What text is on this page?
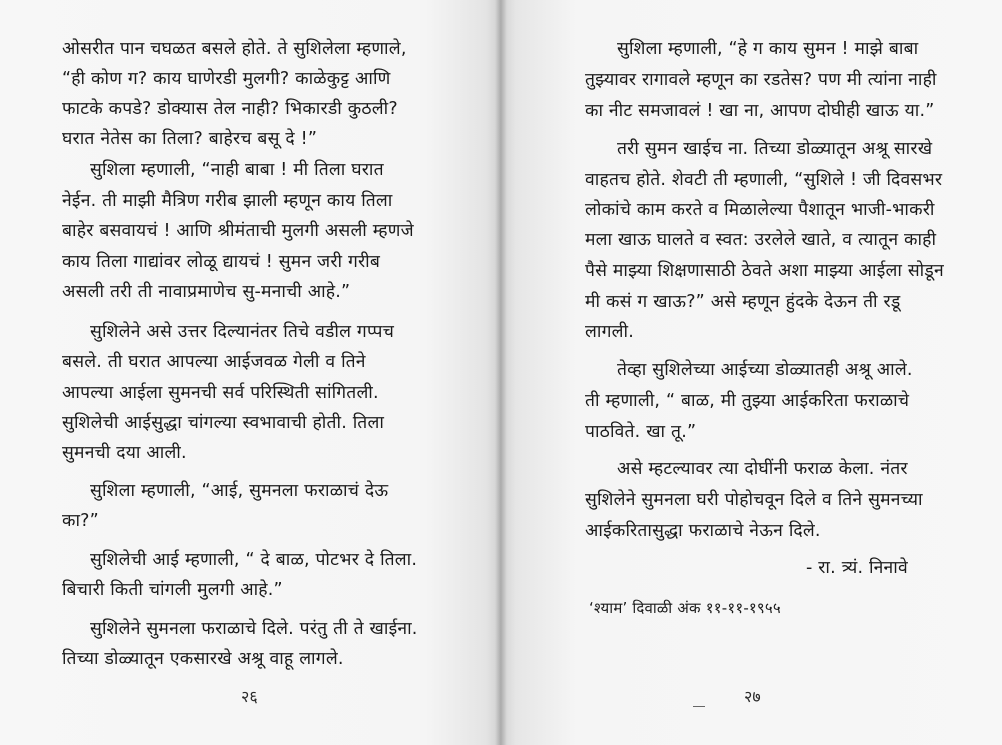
ओसरीत पान चघळत बसले होते. ते सुशिलेला म्हणाले,
“ही कोण ग? काय घाणेरडी मुलगी? काळेकुट्ट आणि
फाटके कपडे? डोक्यास तेल नाही? भिकारडी कुठली?
घरात नेतेस का तिला? बाहेरच बसू दे !”
सुशिला म्हणाली, “नाही बाबा ! मी तिला घरात
नेईन. ती माझी मैत्रिण गरीब झाली म्हणून काय तिला
बाहेर बसवायचं ! आणि श्रीमंताची मुलगी असली म्हणजे
काय तिला गाद्यांवर लोळू द्यायचं ! सुमन जरी गरीब
असली तरी ती नावाप्रमाणेच सु-मनाची आहे.”
सुशिलेने असे उत्तर दिल्यानंतर तिचे वडील गप्पच
बसले. ती घरात आपल्या आईजवळ गेली व तिने
आपल्या आईला सुमनची सर्व परिस्थिती सांगितली.
सुशिलेची आईसुद्धा चांगल्या स्वभावाची होती. तिला
सुमनची दया आली.
सुशिला म्हणाली, “आई, सुमनला फराळाचं देऊ
का?”
सुशिलेची आई म्हणाली, “ दे बाळ, पोटभर दे तिला.
बिचारी किती चांगली मुलगी आहे.”
सुशिलेने सुमनला फराळाचे दिले. परंतु ती ते खाईना.
तिच्या डोळ्यातून एकसारखे अश्रू वाहू लागले.
२६
सुशिला म्हणाली, “हे ग काय सुमन ! माझे बाबा
तुझ्यावर रागावले म्हणून का रडतेस? पण मी त्यांना नाही
का नीट समजावलं ! खा ना, आपण दोघीही खाऊ या.”
तरी सुमन खाईच ना. तिच्या डोळ्यातून अश्रू सारखे
वाहतच होते. शेवटी ती म्हणाली, “सुशिले ! जी दिवसभर
लोकांचे काम करते व मिळालेल्या पैशातून भाजी-भाकरी
मला खाऊ घालते व स्वत: उरलेले खाते, व त्यातून काही
पैसे माझ्या शिक्षणासाठी ठेवते अशा माझ्या आईला सोडून
मी कसं ग खाऊ?” असे म्हणून हुंदके देऊन ती रडू
लागली.
तेव्हा सुशिलेच्या आईच्या डोळ्यातही अश्रू आले.
ती म्हणाली, “ बाळ, मी तुझ्या आईकरिता फराळाचे
पाठविते. खा तू.”
असे म्हटल्यावर त्या दोघींनी फराळ केला. नंतर
सुशिलेने सुमनला घरी पोहोचवून दिले व तिने सुमनच्या
आईकरितासुद्धा फराळाचे नेऊन दिले.
- रा. त्र्यं. निनावे
‘श्याम’ दिवाळी अंक ११-११-१९५५
२७
